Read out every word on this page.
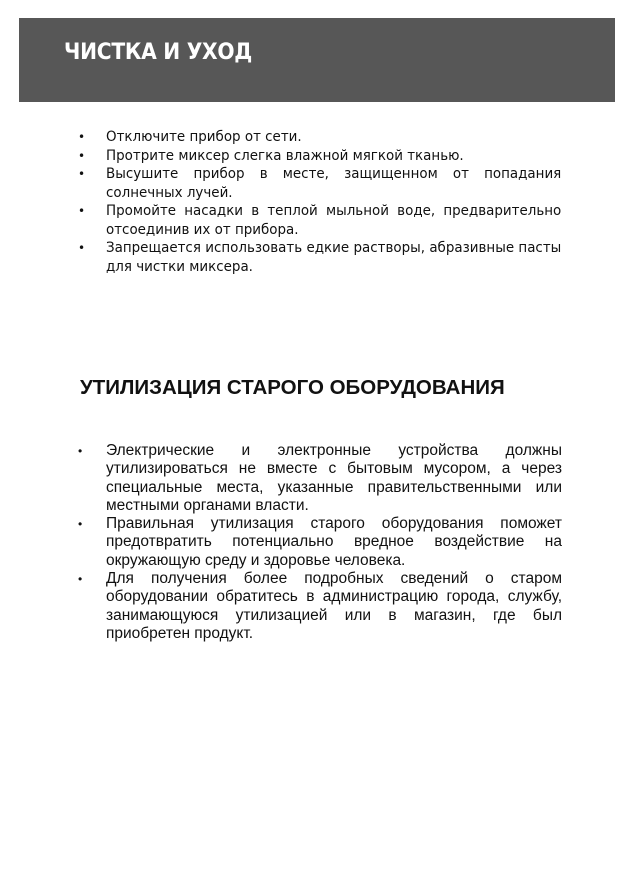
ЧИСТКА И УХОД
• Отключите прибор от сети.
• Протрите миксер слегка влажной мягкой тканью.
• Высушите прибор в месте, защищенном от попадания солнечных лучей.
• Промойте насадки в теплой мыльной воде, предварительно отсоединив их от прибора.
• Запрещается использовать едкие растворы, абразивные пасты для чистки миксера.
УТИЛИЗАЦИЯ СТАРОГО ОБОРУДОВАНИЯ
•	Электрические и электронные устройства должны утилизироваться не вместе с бытовым мусором, а через специальные места, указанные правительственными или местными органами власти.
•	Правильная утилизация старого оборудования поможет предотвратить потенциально вредное воздействие на окружающую среду и здоровье человека.
•	Для получения более подробных сведений о старом оборудовании обратитесь в администрацию города, службу, занимающуюся утилизацией или в магазин, где был приобретен продукт.
